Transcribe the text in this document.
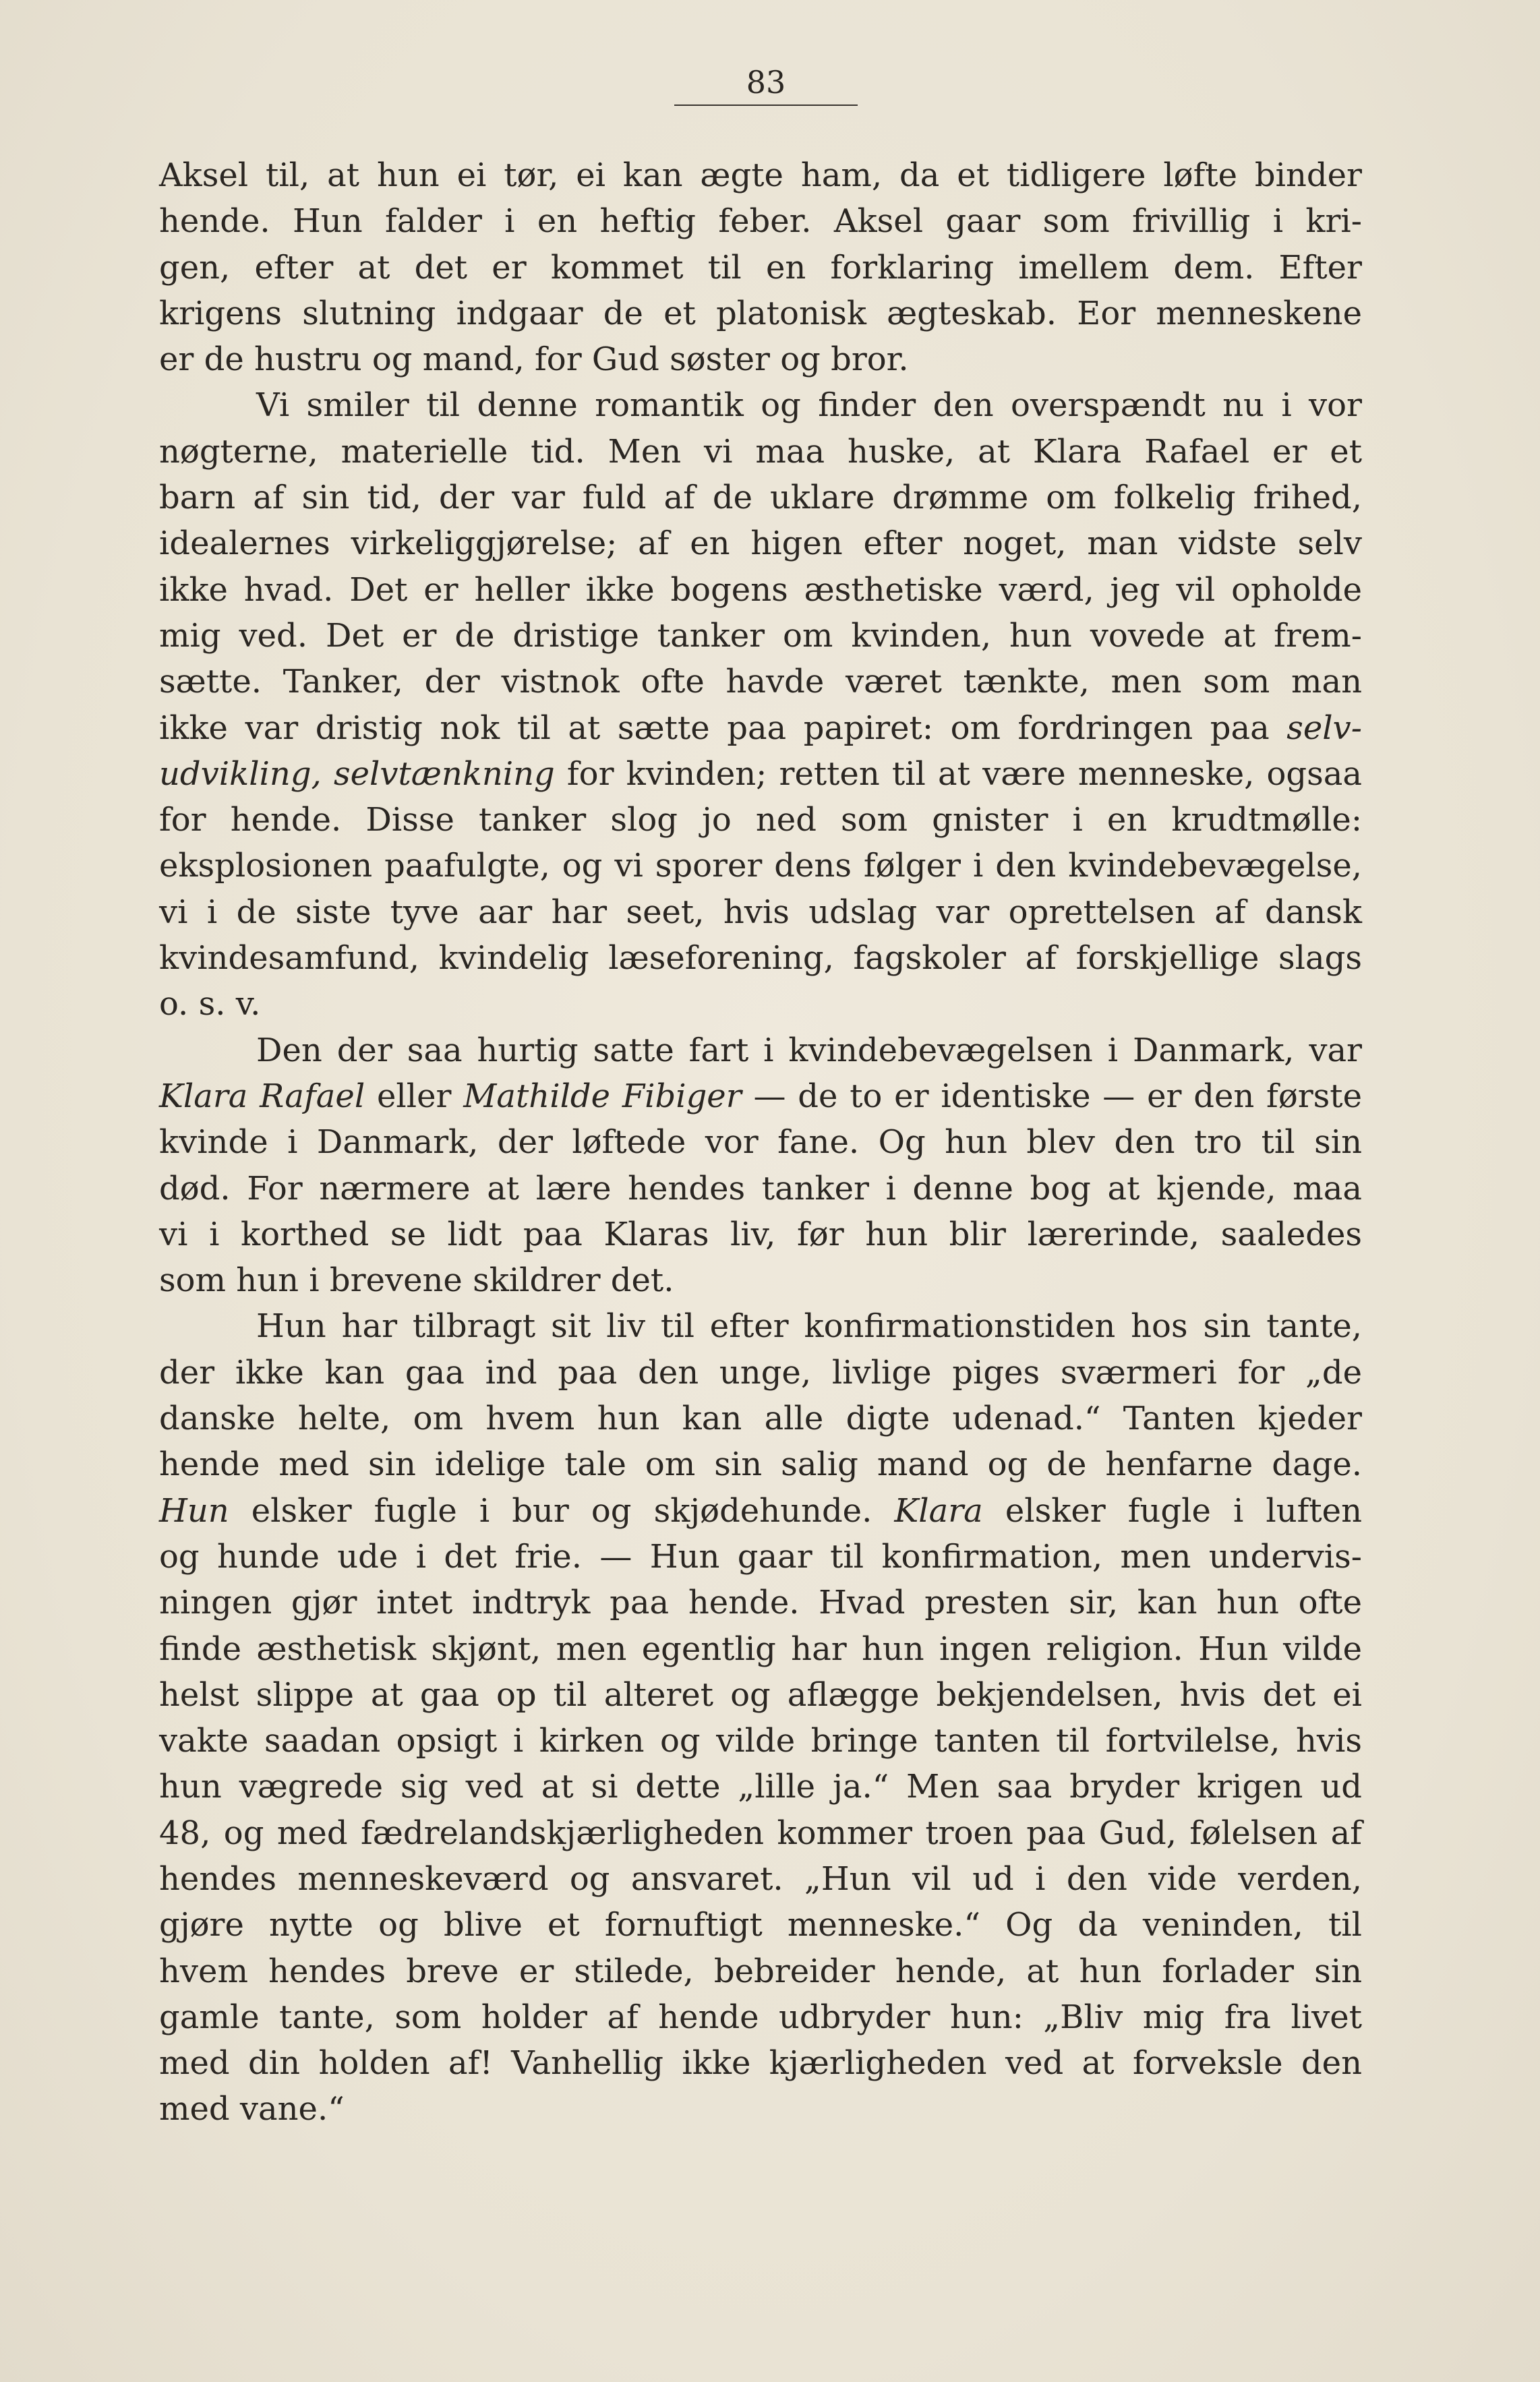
83
Aksel til, at hun ei tør, ei kan ægte ham, da et tidligere løfte binder
hende. Hun falder i en heftig feber. Aksel gaar som frivillig i kri-
gen, efter at det er kommet til en forklaring imellem dem. Efter
krigens slutning indgaar de et platonisk ægteskab. Eor menneskene
er de hustru og mand, for Gud søster og bror.
Vi smiler til denne romantik og finder den overspændt nu i vor
nøgterne, materielle tid. Men vi maa huske, at Klara Rafael er et
barn af sin tid, der var fuld af de uklare drømme om folkelig frihed,
idealernes virkeliggjørelse; af en higen efter noget, man vidste selv
ikke hvad. Det er heller ikke bogens æsthetiske værd, jeg vil opholde
mig ved. Det er de dristige tanker om kvinden, hun vovede at frem-
sætte. Tanker, der vistnok ofte havde været tænkte, men som man
ikke var dristig nok til at sætte paa papiret: om fordringen paa selv-
udvikling, selvtænkning for kvinden; retten til at være menneske, ogsaa
for hende. Disse tanker slog jo ned som gnister i en krudtmølle:
eksplosionen paafulgte, og vi sporer dens følger i den kvindebevægelse,
vi i de siste tyve aar har seet, hvis udslag var oprettelsen af dansk
kvindesamfund, kvindelig læseforening, fagskoler af forskjellige slags
o. s. v.
Den der saa hurtig satte fart i kvindebevægelsen i Danmark, var
Klara Rafael eller Mathilde Fibiger — de to er identiske — er den første
kvinde i Danmark, der løftede vor fane. Og hun blev den tro til sin
død. For nærmere at lære hendes tanker i denne bog at kjende, maa
vi i korthed se lidt paa Klaras liv, før hun blir lærerinde, saaledes
som hun i brevene skildrer det.
Hun har tilbragt sit liv til efter konfirmationstiden hos sin tante,
der ikke kan gaa ind paa den unge, livlige piges sværmeri for „de
danske helte, om hvem hun kan alle digte udenad.“ Tanten kjeder
hende med sin idelige tale om sin salig mand og de henfarne dage.
Hun elsker fugle i bur og skjødehunde. Klara elsker fugle i luften
og hunde ude i det frie. — Hun gaar til konfirmation, men undervis-
ningen gjør intet indtryk paa hende. Hvad presten sir, kan hun ofte
finde æsthetisk skjønt, men egentlig har hun ingen religion. Hun vilde
helst slippe at gaa op til alteret og aflægge bekjendelsen, hvis det ei
vakte saadan opsigt i kirken og vilde bringe tanten til fortvilelse, hvis
hun vægrede sig ved at si dette „lille ja.“ Men saa bryder krigen ud
48, og med fædrelandskjærligheden kommer troen paa Gud, følelsen af
hendes menneskeværd og ansvaret. „Hun vil ud i den vide verden,
gjøre nytte og blive et fornuftigt menneske.“ Og da veninden, til
hvem hendes breve er stilede, bebreider hende, at hun forlader sin
gamle tante, som holder af hende udbryder hun: „Bliv mig fra livet
med din holden af! Vanhellig ikke kjærligheden ved at forveksle den
med vane.“
